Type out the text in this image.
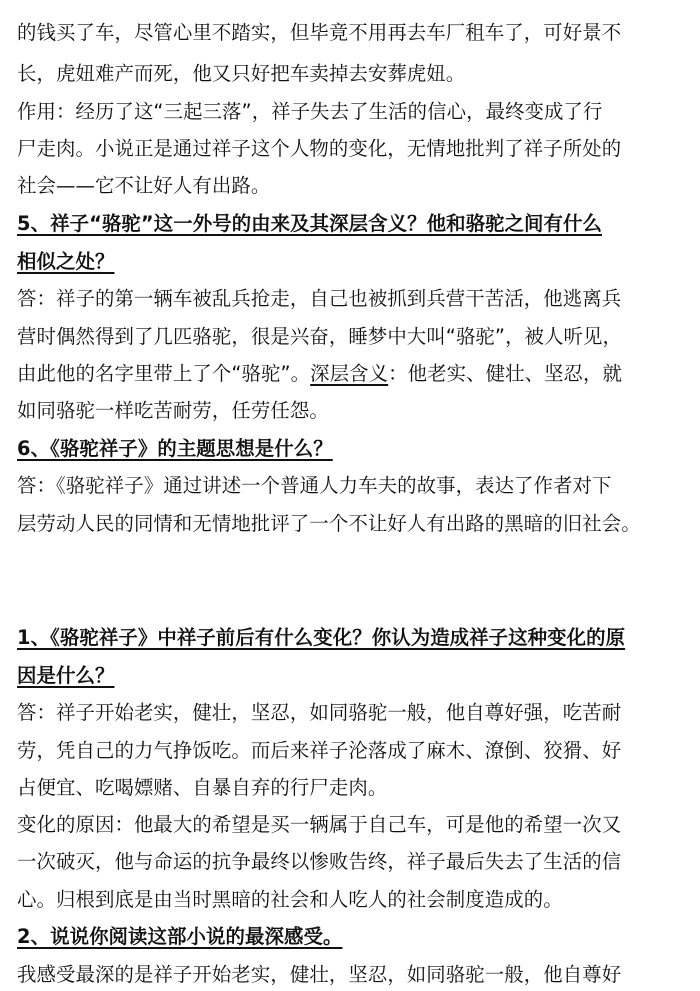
的钱买了车，尽管心里不踏实，但毕竟不用再去车厂租车了，可好景不
长，虎妞难产而死，他又只好把车卖掉去安葬虎妞。
作用：经历了这“三起三落”，祥子失去了生活的信心，最终变成了行
尸走肉。小说正是通过祥子这个人物的变化，无情地批判了祥子所处的
社会——它不让好人有出路。
5、祥子“骆驼”这一外号的由来及其深层含义？他和骆驼之间有什么
相似之处？
答：祥子的第一辆车被乱兵抢走，自己也被抓到兵营干苦活，他逃离兵
营时偶然得到了几匹骆驼，很是兴奋，睡梦中大叫“骆驼”，被人听见，
由此他的名字里带上了个“骆驼”。深层含义：他老实、健壮、坚忍，就
如同骆驼一样吃苦耐劳，任劳任怨。
6、《骆驼祥子》的主题思想是什么？
答：《骆驼祥子》通过讲述一个普通人力车夫的故事，表达了作者对下
层劳动人民的同情和无情地批评了一个不让好人有出路的黑暗的旧社会。
1、《骆驼祥子》中祥子前后有什么变化？你认为造成祥子这种变化的原
因是什么？
答：祥子开始老实，健壮，坚忍，如同骆驼一般，他自尊好强，吃苦耐
劳，凭自己的力气挣饭吃。而后来祥子沦落成了麻木、潦倒、狡猾、好
占便宜、吃喝嫖赌、自暴自弃的行尸走肉。
变化的原因：他最大的希望是买一辆属于自己车，可是他的希望一次又
一次破灭，他与命运的抗争最终以惨败告终，祥子最后失去了生活的信
心。归根到底是由当时黑暗的社会和人吃人的社会制度造成的。
2、说说你阅读这部小说的最深感受。
我感受最深的是祥子开始老实，健壮，坚忍，如同骆驼一般，他自尊好
